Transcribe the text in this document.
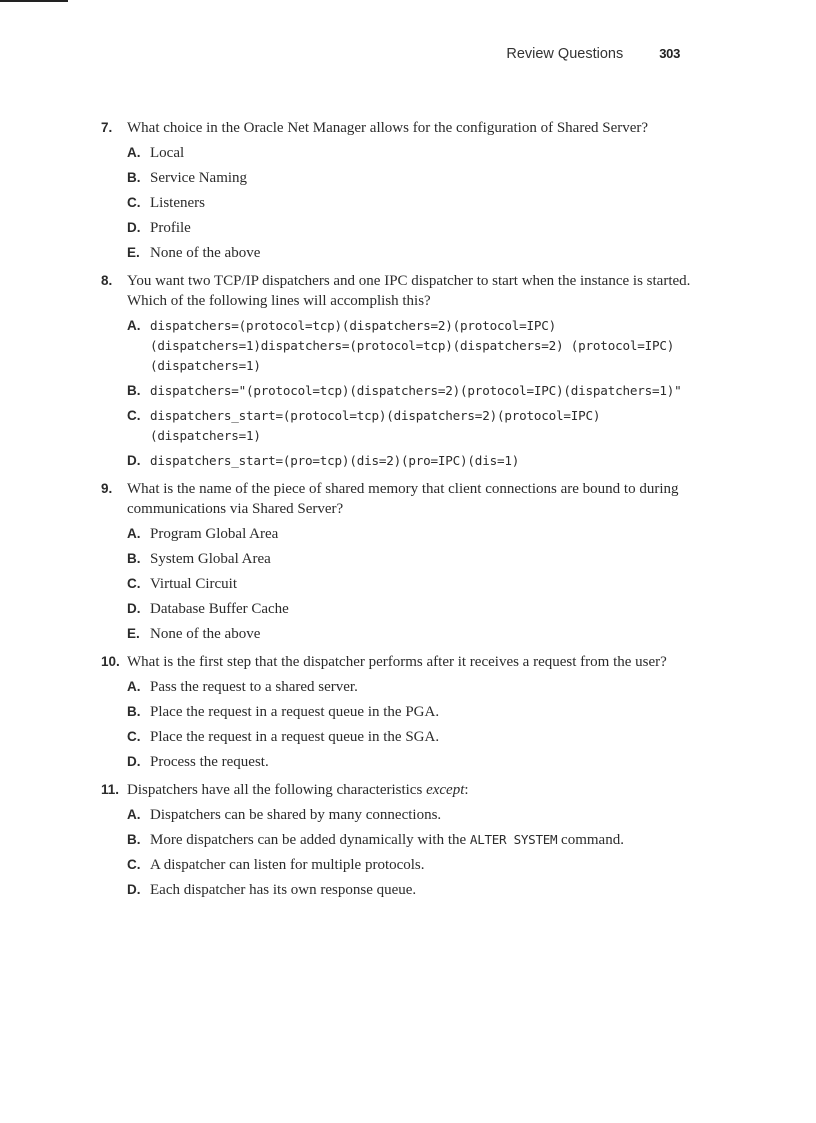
Review Questions	303
7. What choice in the Oracle Net Manager allows for the configuration of Shared Server?
A. Local
B. Service Naming
C. Listeners
D. Profile
E. None of the above
8. You want two TCP/IP dispatchers and one IPC dispatcher to start when the instance is started. Which of the following lines will accomplish this?
A. dispatchers=(protocol=tcp)(dispatchers=2)(protocol=IPC) (dispatchers=1)dispatchers=(protocol=tcp)(dispatchers=2) (protocol=IPC)(dispatchers=1)
B. dispatchers="(protocol=tcp)(dispatchers=2)(protocol=IPC)(dispatchers=1)"
C. dispatchers_start=(protocol=tcp)(dispatchers=2)(protocol=IPC) (dispatchers=1)
D. dispatchers_start=(pro=tcp)(dis=2)(pro=IPC)(dis=1)
9. What is the name of the piece of shared memory that client connections are bound to during communications via Shared Server?
A. Program Global Area
B. System Global Area
C. Virtual Circuit
D. Database Buffer Cache
E. None of the above
10. What is the first step that the dispatcher performs after it receives a request from the user?
A. Pass the request to a shared server.
B. Place the request in a request queue in the PGA.
C. Place the request in a request queue in the SGA.
D. Process the request.
11. Dispatchers have all the following characteristics except:
A. Dispatchers can be shared by many connections.
B. More dispatchers can be added dynamically with the ALTER SYSTEM command.
C. A dispatcher can listen for multiple protocols.
D. Each dispatcher has its own response queue.
